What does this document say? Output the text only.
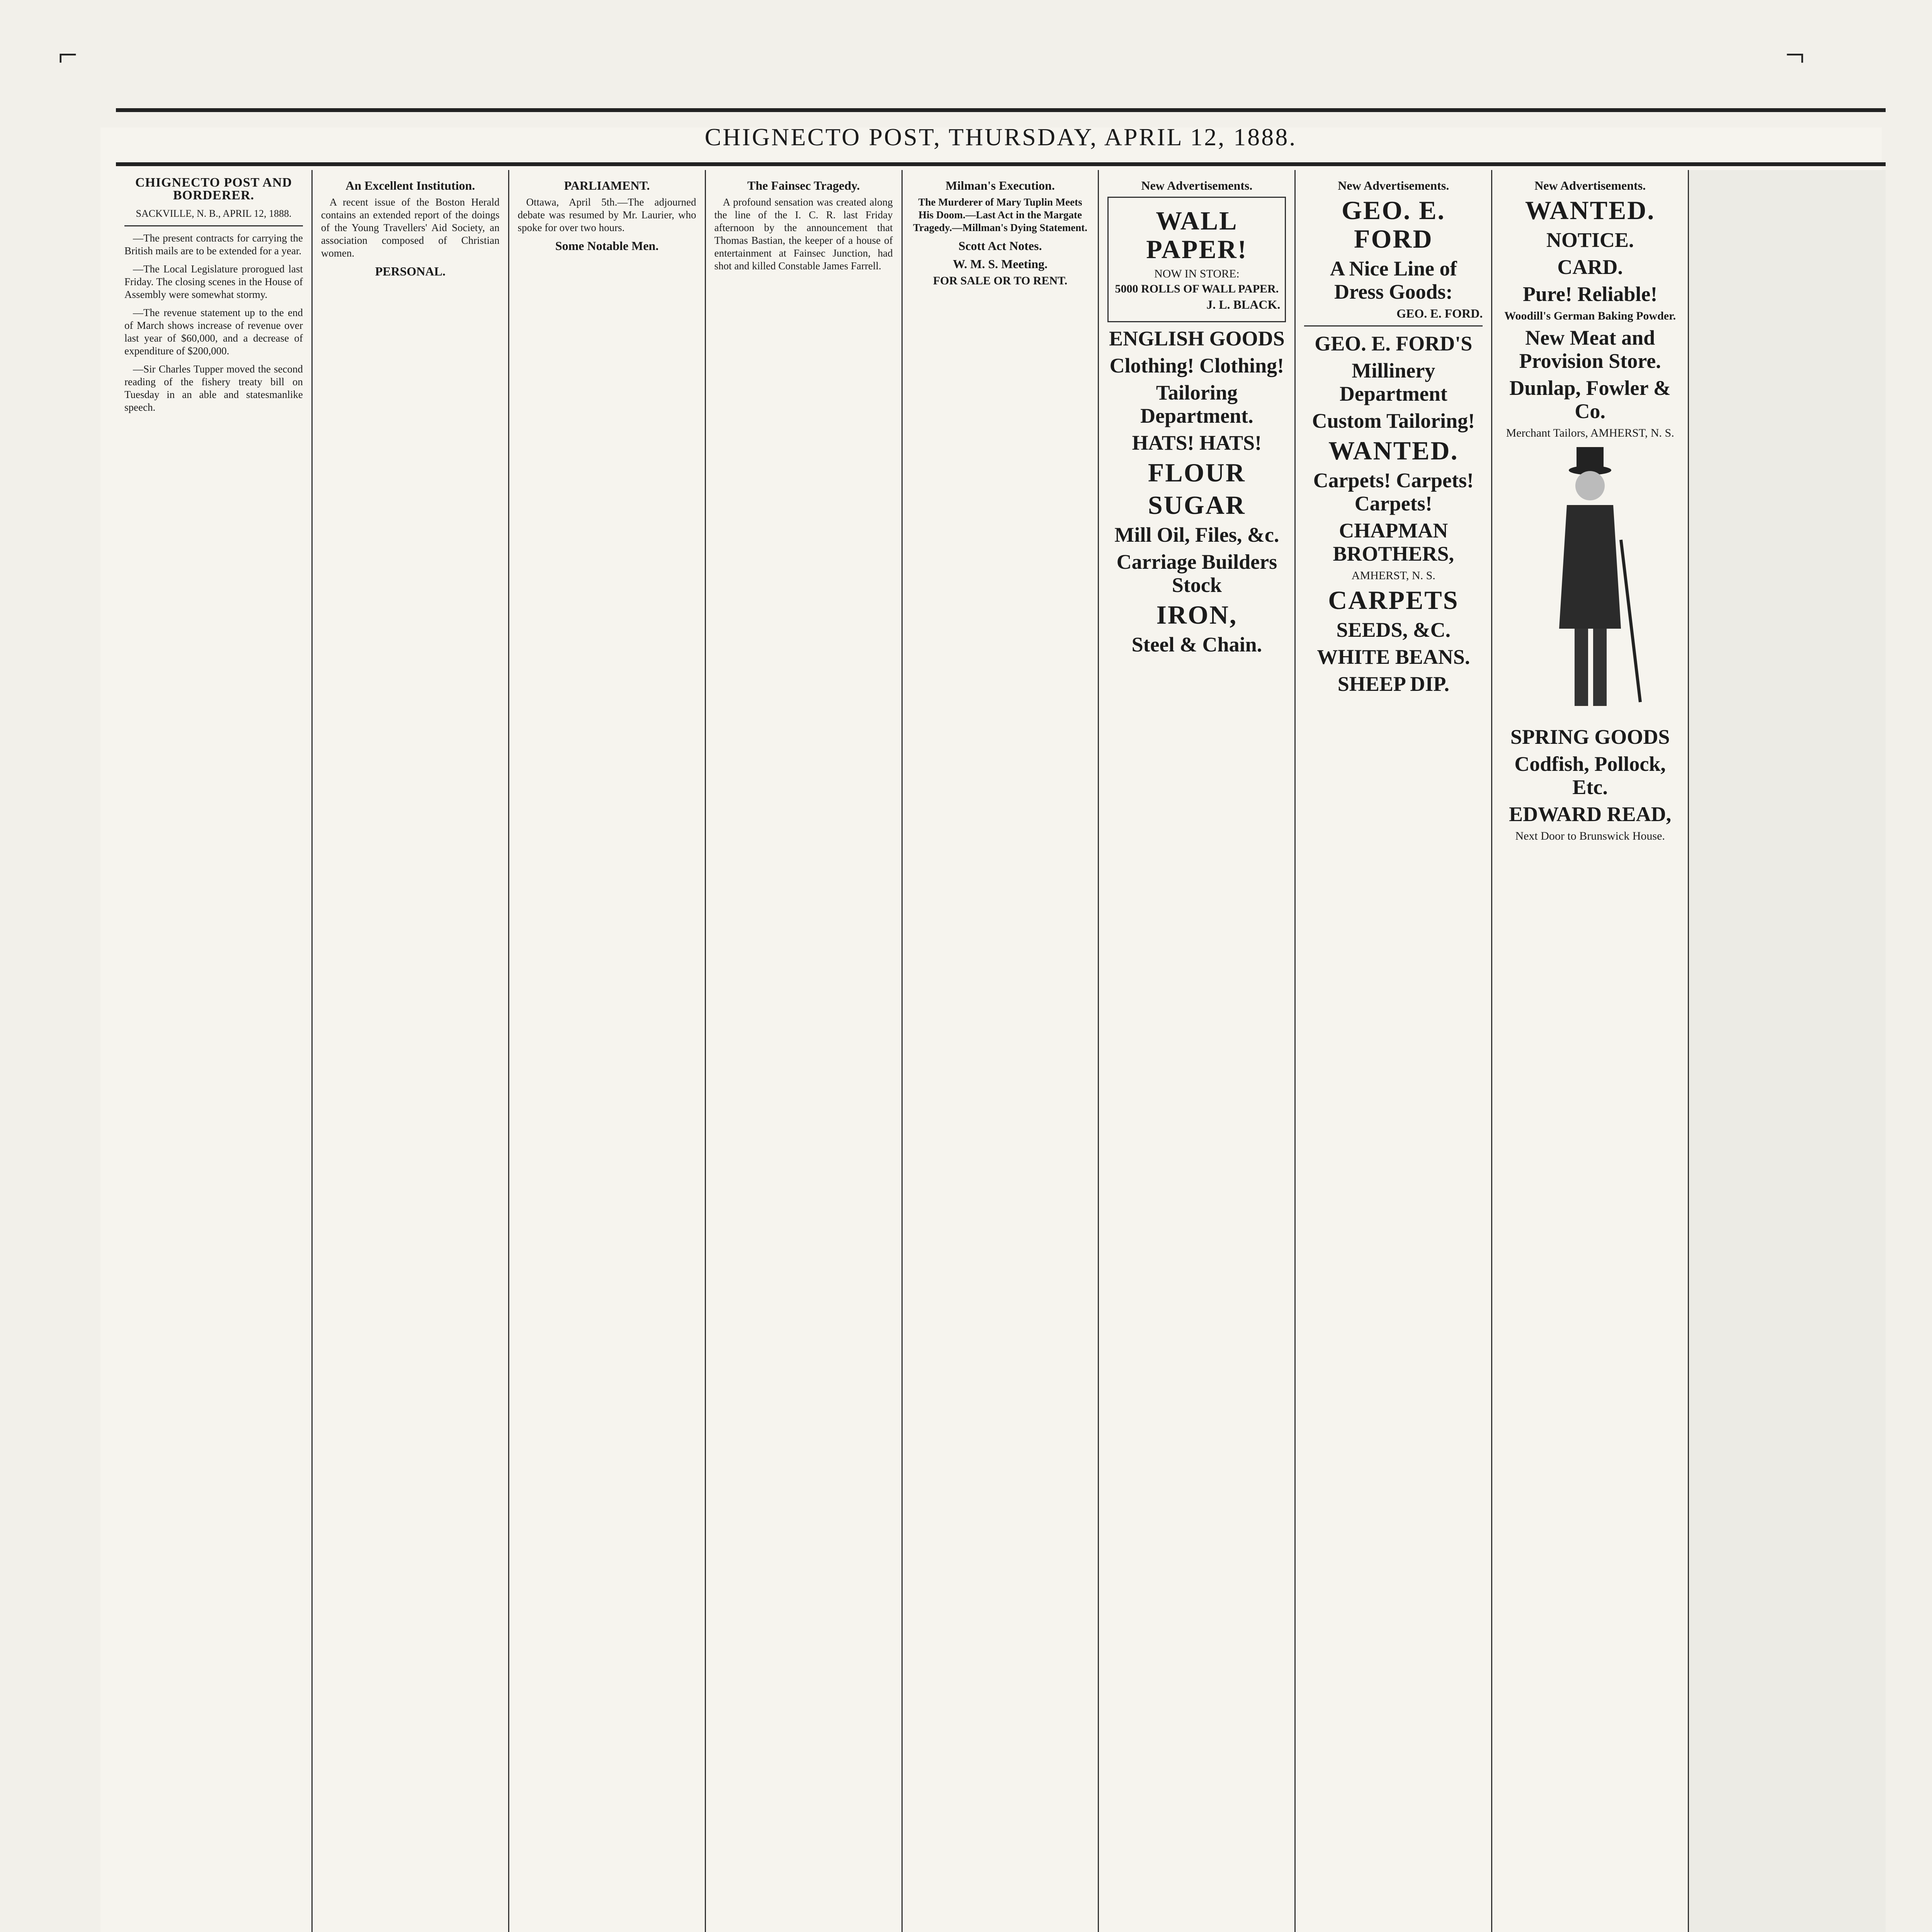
⌐	¬
CHIGNECTO POST, THURSDAY, APRIL 12, 1888.
CHIGNECTO POST AND BORDERER.
SACKVILLE, N. B., APRIL 12, 1888.

—The present contracts for carrying the British mails are to be extended for a year.

—The Local Legislature prorogued last Friday. The closing scenes in the House of Assembly were somewhat stormy.

—The revenue statement up to the end of March shows increase of revenue over last year of $60,000, and a decrease of expenditure of $200,000.

—Sir Charles Tupper moved the second reading of the fishery treaty bill on Tuesday in an able and statesmanlike speech.

An Excellent Institution.

A recent issue of the Boston Herald contains an extended report of the doings of the Young Travellers' Aid Society, an association composed of Christian women.

PERSONAL.
PARLIAMENT.

Ottawa, April 5th.—The adjourned debate was resumed by Mr. Laurier, who spoke for over two hours.

Some Notable Men.
The Fainsec Tragedy.

A profound sensation was created along the line of the I. C. R. last Friday afternoon by the announcement that Thomas Bastian, the keeper of a house of entertainment at Fainsec Junction, had shot and killed Constable James Farrell.

Milman's Execution.
The Murderer of Mary Tuplin Meets His Doom.—Last Act in the Margate Tragedy.—Millman's Dying Statement.
Scott Act Notes.
W. M. S. Meeting.
FOR SALE OR TO RENT.
New Advertisements.
WALL PAPER!
NOW IN STORE:
5000 ROLLS OF WALL PAPER.
J. L. BLACK.
ENGLISH GOODS
Clothing! Clothing!
Tailoring Department.
HATS! HATS!
FLOUR
SUGAR
Mill Oil, Files, &c.
Carriage Builders Stock
IRON,
Steel & Chain.
New Advertisements.
GEO. E. FORD
A Nice Line of Dress Goods:
GEO. E. FORD.
GEO. E. FORD'S
Millinery Department
Custom Tailoring!
WANTED.
Carpets! Carpets! Carpets!
CHAPMAN BROTHERS,
AMHERST, N. S.
CARPETS
SEEDS, &C.
WHITE BEANS.
SHEEP DIP.
New Advertisements.
WANTED.
NOTICE.
CARD.
Pure! Reliable!
Woodill's German Baking Powder.
New Meat and Provision Store.
Dunlap, Fowler & Co.
Merchant Tailors, AMHERST, N. S.
SPRING GOODS
Codfish, Pollock, Etc.
EDWARD READ,
Next Door to Brunswick House.
